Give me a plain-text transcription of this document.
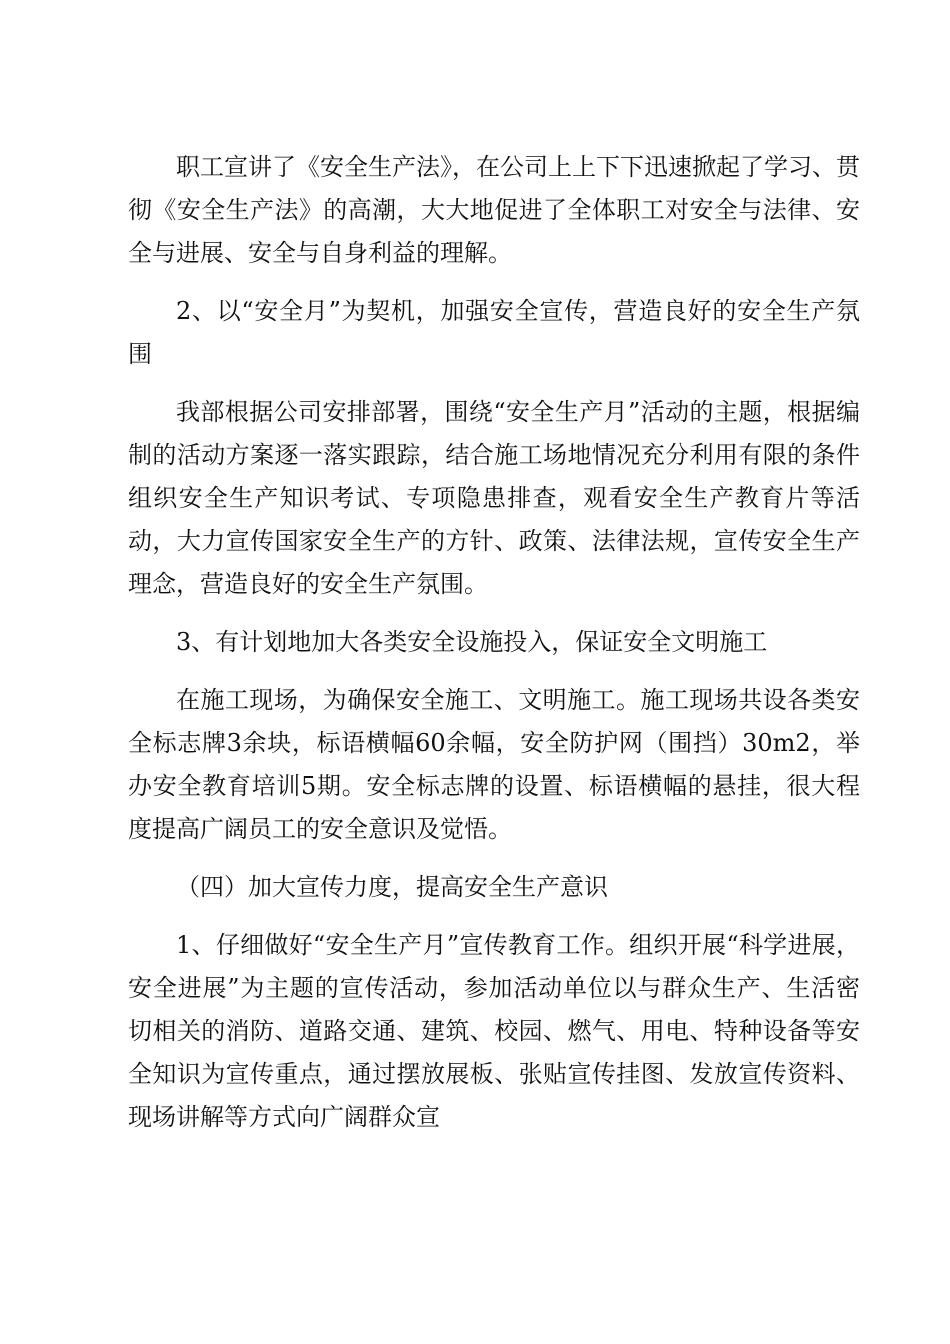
职工宣讲了《安全生产法》，在公司上上下下迅速掀起了学习、贯彻《安全生产法》的高潮，大大地促进了全体职工对安全与法律、安全与进展、安全与自身利益的理解。

2、以“安全月”为契机，加强安全宣传，营造良好的安全生产氛围

我部根据公司安排部署，围绕“安全生产月”活动的主题，根据编制的活动方案逐一落实跟踪，结合施工场地情况充分利用有限的条件组织安全生产知识考试、专项隐患排查，观看安全生产教育片等活动，大力宣传国家安全生产的方针、政策、法律法规，宣传安全生产理念，营造良好的安全生产氛围。

3、有计划地加大各类安全设施投入，保证安全文明施工

在施工现场，为确保安全施工、文明施工。施工现场共设各类安全标志牌3余块，标语横幅60余幅，安全防护网（围挡）30m2，举办安全教育培训5期。安全标志牌的设置、标语横幅的悬挂，很大程度提高广阔员工的安全意识及觉悟。

（四）加大宣传力度，提高安全生产意识

1、仔细做好“安全生产月”宣传教育工作。组织开展“科学进展，安全进展”为主题的宣传活动，参加活动单位以与群众生产、生活密切相关的消防、道路交通、建筑、校园、燃气、用电、特种设备等安全知识为宣传重点，通过摆放展板、张贴宣传挂图、发放宣传资料、现场讲解等方式向广阔群众宣
